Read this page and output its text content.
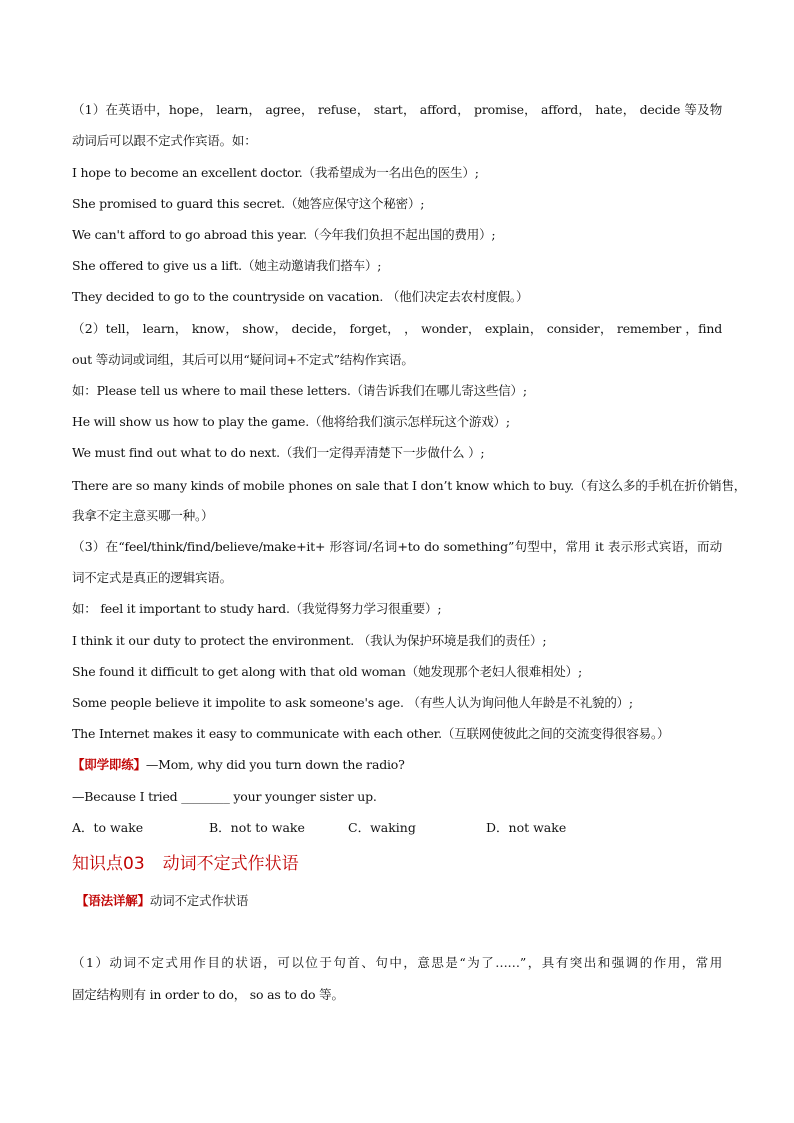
（1）在英语中，hope， learn， agree， refuse， start， afford， promise， afford， hate， decide 等及物
动词后可以跟不定式作宾语。如：
I hope to become an excellent doctor.（我希望成为一名出色的医生）;
She promised to guard this secret.（她答应保守这个秘密）;
We can't afford to go abroad this year.（今年我们负担不起出国的费用）;
She offered to give us a lift.（她主动邀请我们搭车）;
They decided to go to the countryside on vacation. （他们决定去农村度假。）
（2）tell， learn， know， show， decide， forget， ， wonder， explain， consider， remember ，find
out 等动词或词组，其后可以用“疑问词+不定式”结构作宾语。
如：Please tell us where to mail these letters.（请告诉我们在哪儿寄这些信）;
He will show us how to play the game.（他将给我们演示怎样玩这个游戏）;
We must find out what to do next.（我们一定得弄清楚下一步做什么 ）;
There are so many kinds of mobile phones on sale that I don’t know which to buy.（有这么多的手机在折价销售，
我拿不定主意买哪一种。）
（3）在“feel/think/find/believe/make+it+ 形容词/名词+to do something”句型中，常用 it 表示形式宾语，而动
词不定式是真正的逻辑宾语。
如： feel it important to study hard.（我觉得努力学习很重要）;
I think it our duty to protect the environment. （我认为保护环境是我们的责任）;
She found it difficult to get along with that old woman（她发现那个老妇人很难相处）;
Some people believe it impolite to ask someone's age. （有些人认为询问他人年龄是不礼貌的）;
The Internet makes it easy to communicate with each other.（互联网使彼此之间的交流变得很容易。）
【即学即练】—Mom, why did you turn down the radio?
—Because I tried ________ your younger sister up.
A．to wake	B．not to wake	C．waking	D．not wake
知识点03 动词不定式作状语
【语法详解】动词不定式作状语
（1）动词不定式用作目的状语，可以位于句首、句中，意思是“为了……”，具有突出和强调的作用，常用
固定结构则有 in order to do， so as to do 等。
